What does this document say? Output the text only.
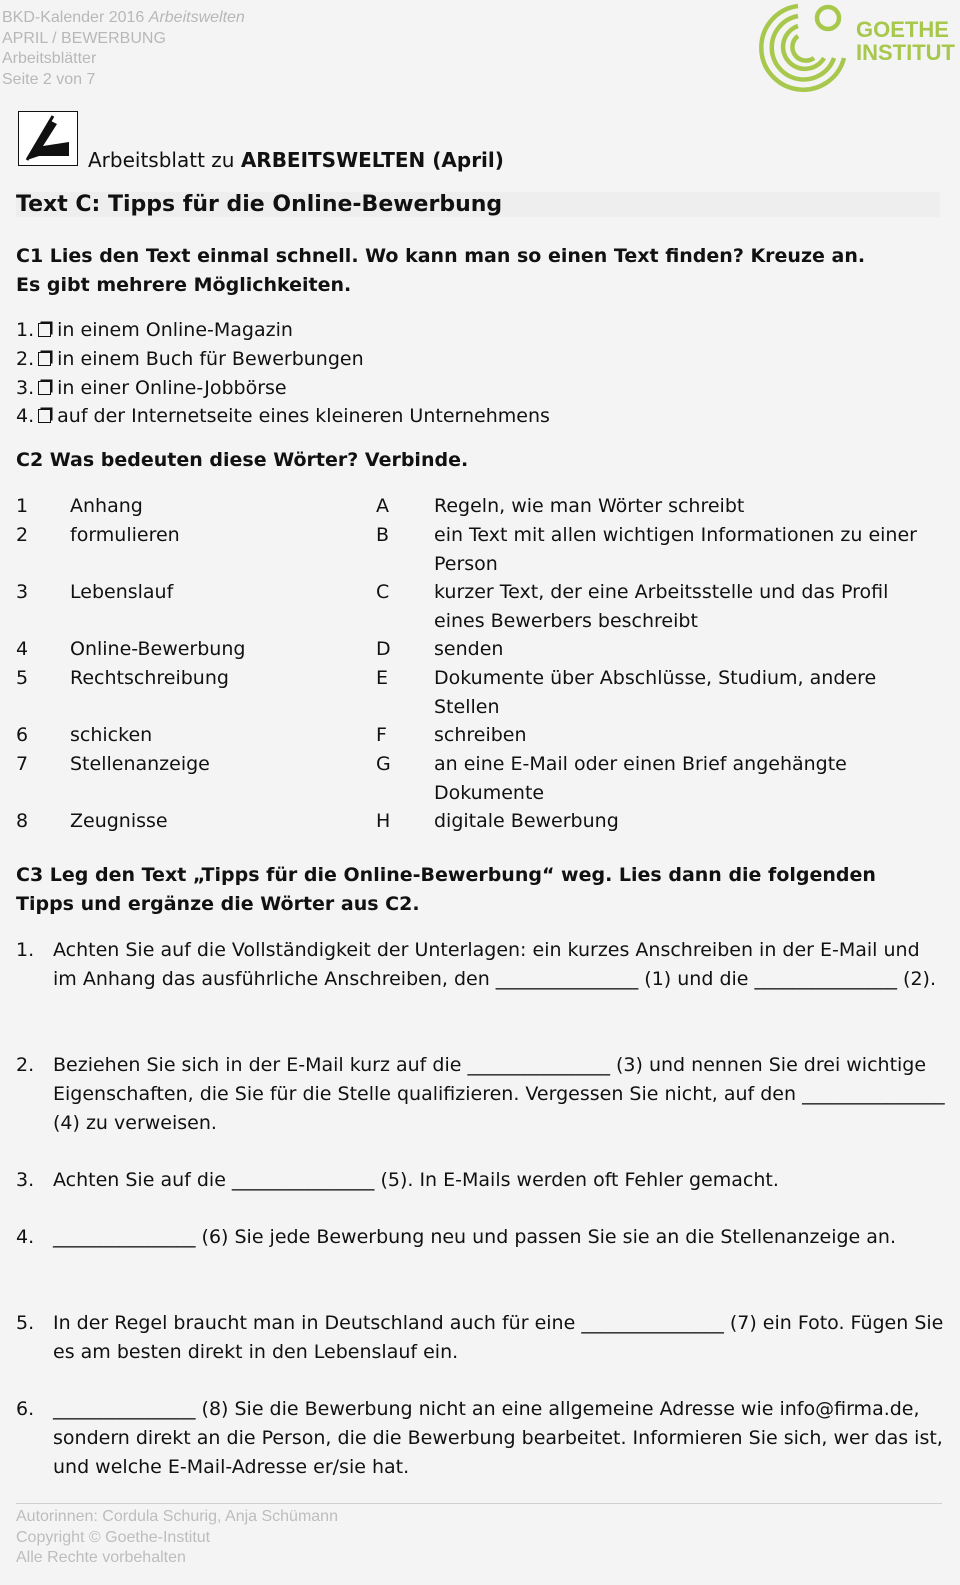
BKD-Kalender 2016 Arbeitswelten
APRIL / BEWERBUNG
Arbeitsblätter
Seite 2 von 7
GOETHE
INSTITUT
Arbeitsblatt zu ARBEITSWELTEN (April)
Text C: Tipps für die Online-Bewerbung
C1 Lies den Text einmal schnell. Wo kann man so einen Text finden? Kreuze an.
Es gibt mehrere Möglichkeiten.
1. in einem Online-Magazin
2. in einem Buch für Bewerbungen
3. in einer Online-Jobbörse
4. auf der Internetseite eines kleineren Unternehmens
C2 Was bedeuten diese Wörter? Verbinde.
1 Anhang	A Regeln, wie man Wörter schreibt
2 formulieren	B ein Text mit allen wichtigen Informationen zu einer Person
3 Lebenslauf	C kurzer Text, der eine Arbeitsstelle und das Profil eines Bewerbers beschreibt
4 Online-Bewerbung	D senden
5 Rechtschreibung	E Dokumente über Abschlüsse, Studium, andere Stellen
6 schicken	F schreiben
7 Stellenanzeige	G an eine E-Mail oder einen Brief angehängte Dokumente
8 Zeugnisse	H digitale Bewerbung
C3 Leg den Text „Tipps für die Online-Bewerbung“ weg. Lies dann die folgenden
Tipps und ergänze die Wörter aus C2.
1. Achten Sie auf die Vollständigkeit der Unterlagen: ein kurzes Anschreiben in der E-Mail und im Anhang das ausführliche Anschreiben, den _______________ (1) und die _______________ (2).
2. Beziehen Sie sich in der E-Mail kurz auf die _______________ (3) und nennen Sie drei wichtige Eigenschaften, die Sie für die Stelle qualifizieren. Vergessen Sie nicht, auf den _______________ (4) zu verweisen.
3. Achten Sie auf die _______________ (5). In E-Mails werden oft Fehler gemacht.
4. _______________ (6) Sie jede Bewerbung neu und passen Sie sie an die Stellenanzeige an.
5. In der Regel braucht man in Deutschland auch für eine _______________ (7) ein Foto. Fügen Sie es am besten direkt in den Lebenslauf ein.
6. _______________ (8) Sie die Bewerbung nicht an eine allgemeine Adresse wie info@firma.de, sondern direkt an die Person, die die Bewerbung bearbeitet. Informieren Sie sich, wer das ist, und welche E-Mail-Adresse er/sie hat.
Autorinnen: Cordula Schurig, Anja Schümann
Copyright © Goethe-Institut
Alle Rechte vorbehalten
